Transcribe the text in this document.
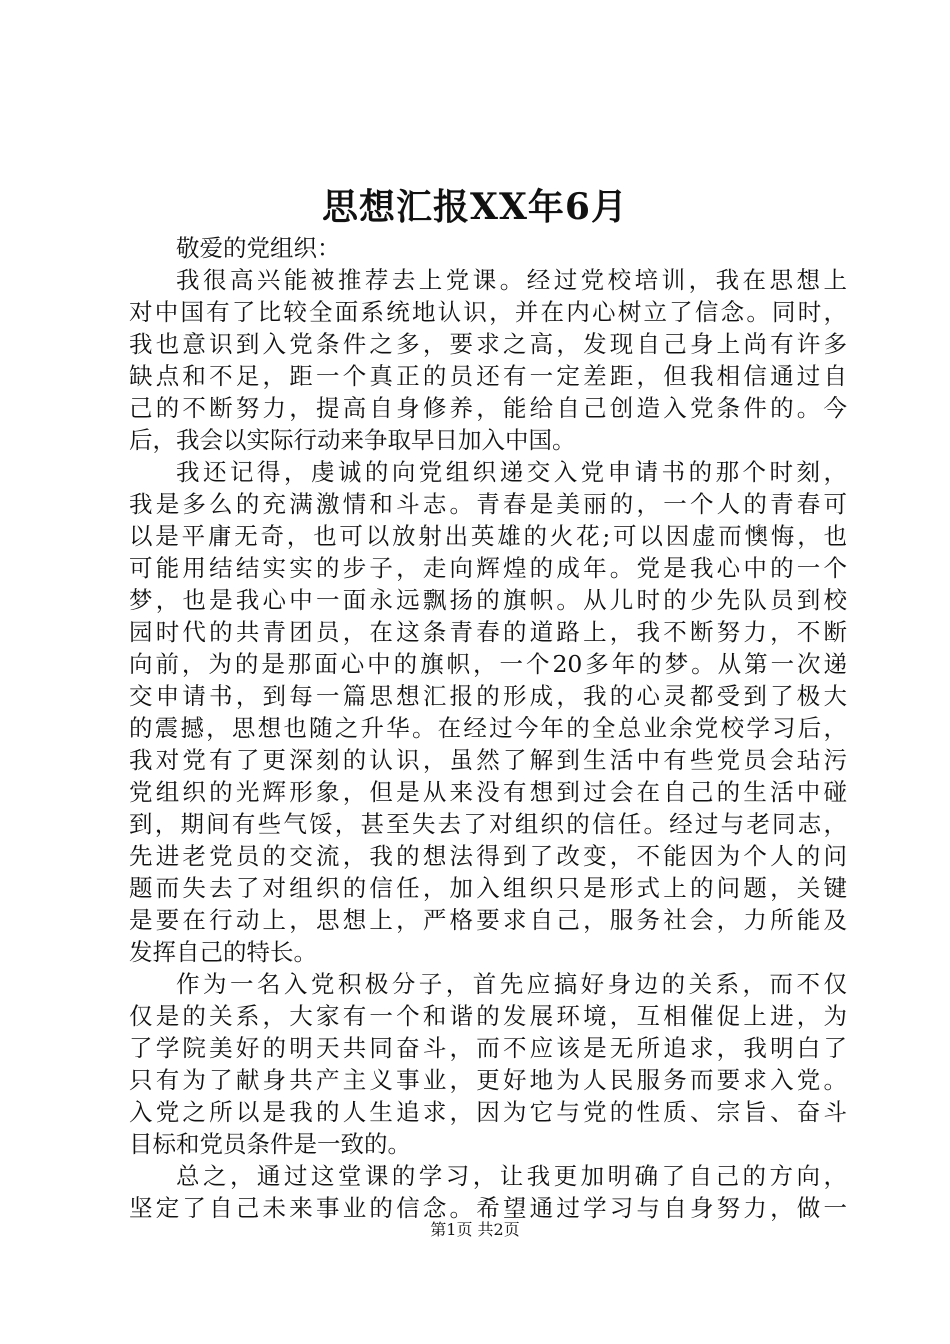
思想汇报XX年6月
敬爱的党组织：
我很高兴能被推荐去上党课。经过党校培训，我在思想上
对中国有了比较全面系统地认识，并在内心树立了信念。同时，
我也意识到入党条件之多，要求之高，发现自己身上尚有许多
缺点和不足，距一个真正的员还有一定差距，但我相信通过自
己的不断努力，提高自身修养，能给自己创造入党条件的。今
后，我会以实际行动来争取早日加入中国。
我还记得，虔诚的向党组织递交入党申请书的那个时刻，
我是多么的充满激情和斗志。青春是美丽的，一个人的青春可
以是平庸无奇，也可以放射出英雄的火花;可以因虚而懊悔，也
可能用结结实实的步子，走向辉煌的成年。党是我心中的一个
梦，也是我心中一面永远飘扬的旗帜。从儿时的少先队员到校
园时代的共青团员，在这条青春的道路上，我不断努力，不断
向前，为的是那面心中的旗帜，一个20多年的梦。从第一次递
交申请书，到每一篇思想汇报的形成，我的心灵都受到了极大
的震撼，思想也随之升华。在经过今年的全总业余党校学习后，
我对党有了更深刻的认识，虽然了解到生活中有些党员会玷污
党组织的光辉形象，但是从来没有想到过会在自己的生活中碰
到，期间有些气馁，甚至失去了对组织的信任。经过与老同志，
先进老党员的交流，我的想法得到了改变，不能因为个人的问
题而失去了对组织的信任，加入组织只是形式上的问题，关键
是要在行动上，思想上，严格要求自己，服务社会，力所能及
发挥自己的特长。
作为一名入党积极分子，首先应搞好身边的关系，而不仅
仅是的关系，大家有一个和谐的发展环境，互相催促上进，为
了学院美好的明天共同奋斗，而不应该是无所追求，我明白了
只有为了献身共产主义事业，更好地为人民服务而要求入党。
入党之所以是我的人生追求，因为它与党的性质、宗旨、奋斗
目标和党员条件是一致的。
总之，通过这堂课的学习，让我更加明确了自己的方向，
坚定了自己未来事业的信念。希望通过学习与自身努力，做一
第1页 共2页
